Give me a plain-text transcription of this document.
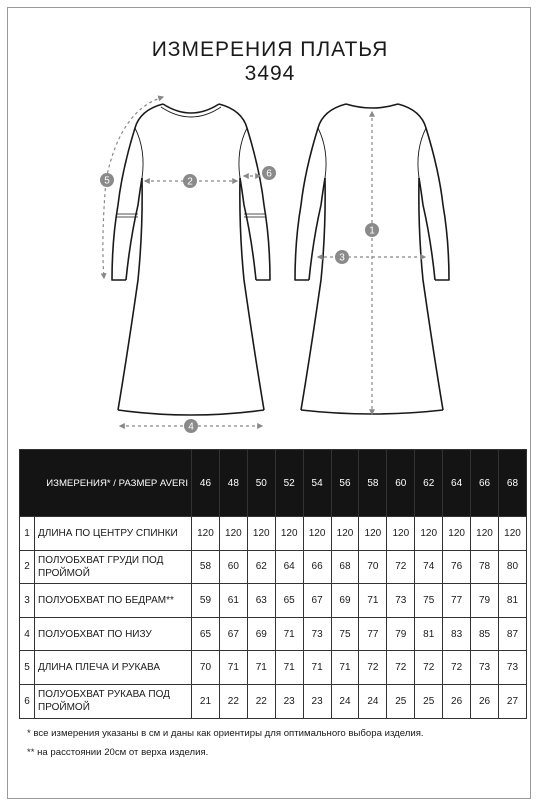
ИЗМЕРЕНИЯ ПЛАТЬЯ
3494
1
2
3
4
5
6
ИЗМЕРЕНИЯ* / РАЗМЕР AVERI		46	48	50	52	54	56	58	60	62	64	66	68
1	ДЛИНА ПО ЦЕНТРУ СПИНКИ	120	120	120	120	120	120	120	120	120	120	120	120
2	ПОЛУОБХВАТ ГРУДИ ПОД ПРОЙМОЙ	58	60	62	64	66	68	70	72	74	76	78	80
3	ПОЛУОБХВАТ ПО БЕДРАМ**	59	61	63	65	67	69	71	73	75	77	79	81
4	ПОЛУОБХВАТ ПО НИЗУ	65	67	69	71	73	75	77	79	81	83	85	87
5	ДЛИНА ПЛЕЧА И РУКАВА	70	71	71	71	71	71	72	72	72	72	73	73
6	ПОЛУОБХВАТ РУКАВА ПОД ПРОЙМОЙ	21	22	22	23	23	24	24	25	25	26	26	27
* все измерения указаны в см и даны как ориентиры для оптимального выбора изделия.
** на расстоянии 20см от верха изделия.
